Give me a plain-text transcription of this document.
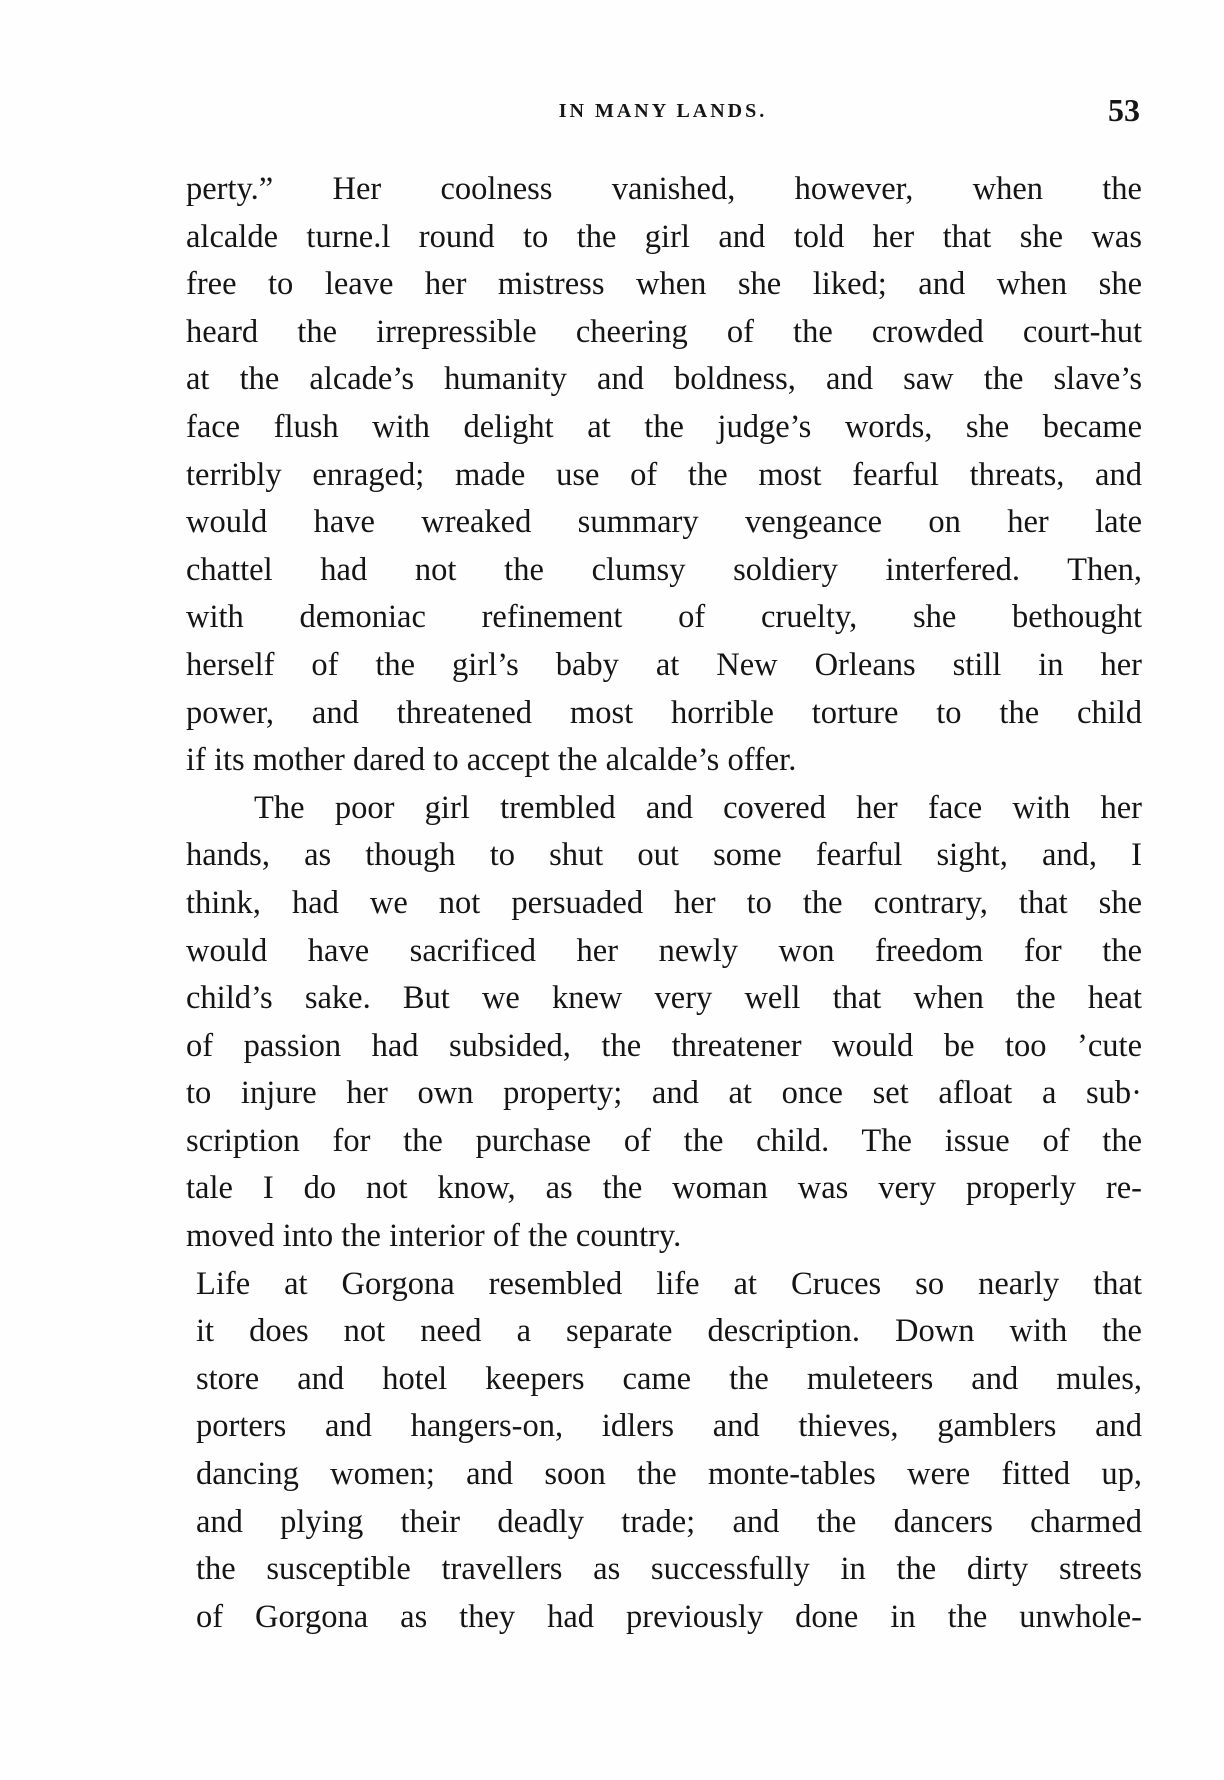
IN MANY LANDS.	53
perty.” Her coolness vanished, however, when the
alcalde turne.l round to the girl and told her that she was
free to leave her mistress when she liked; and when she
heard the irrepressible cheering of the crowded court-hut
at the alcade’s humanity and boldness, and saw the slave’s
face flush with delight at the judge’s words, she became
terribly enraged; made use of the most fearful threats, and
would have wreaked summary vengeance on her late
chattel had not the clumsy soldiery interfered. Then,
with demoniac refinement of cruelty, she bethought
herself of the girl’s baby at New Orleans still in her
power, and threatened most horrible torture to the child
if its mother dared to accept the alcalde’s offer.
The poor girl trembled and covered her face with her
hands, as though to shut out some fearful sight, and, I
think, had we not persuaded her to the contrary, that she
would have sacrificed her newly won freedom for the
child’s sake. But we knew very well that when the heat
of passion had subsided, the threatener would be too ’cute
to injure her own property; and at once set afloat a sub·
scription for the purchase of the child. The issue of the
tale I do not know, as the woman was very properly re-
moved into the interior of the country.
Life at Gorgona resembled life at Cruces so nearly that
it does not need a separate description. Down with the
store and hotel keepers came the muleteers and mules,
porters and hangers-on, idlers and thieves, gamblers and
dancing women; and soon the monte-tables were fitted up,
and plying their deadly trade; and the dancers charmed
the susceptible travellers as successfully in the dirty streets
of Gorgona as they had previously done in the unwhole-
